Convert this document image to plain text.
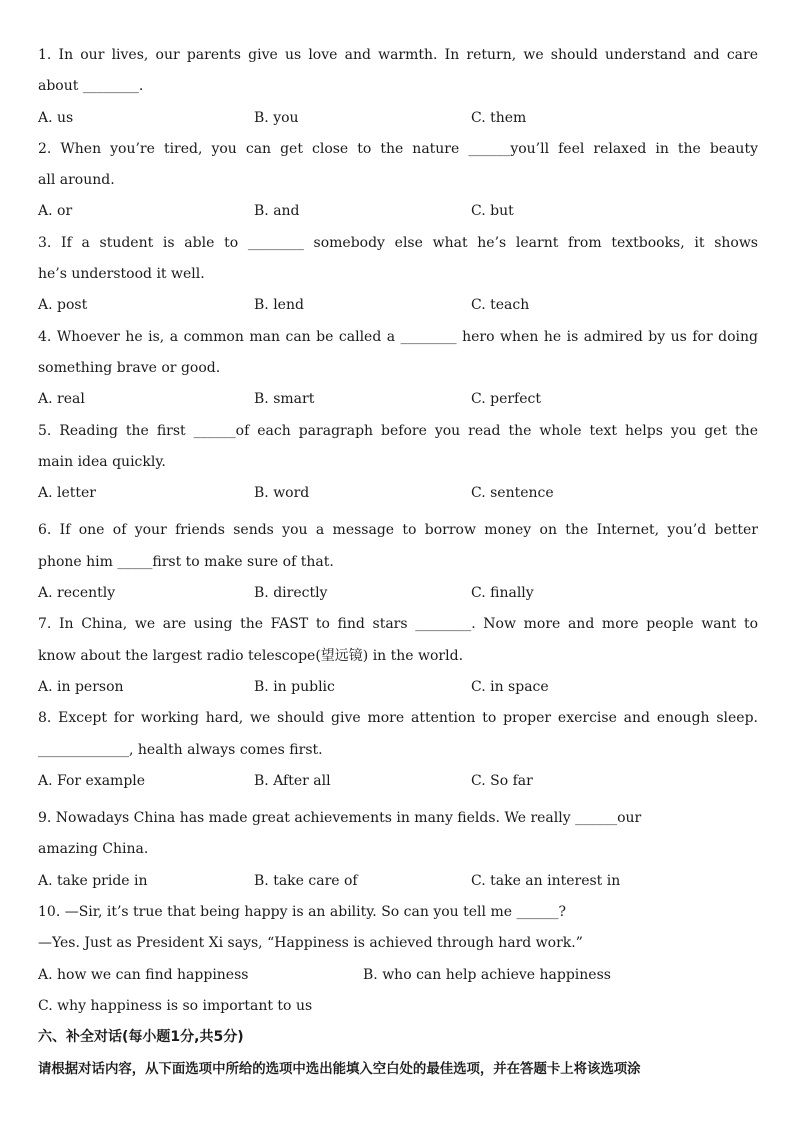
1. In our lives, our parents give us love and warmth. In return, we should understand and care
about ________.
A. us	B. you	C. them
2. When you’re tired, you can get close to the nature ______you’ll feel relaxed in the beauty
all around.
A. or	B. and	C. but
3. If a student is able to ________ somebody else what he’s learnt from textbooks, it shows
he’s understood it well.
A. post	B. lend	C. teach
4. Whoever he is, a common man can be called a ________ hero when he is admired by us for doing
something brave or good.
A. real	B. smart	C. perfect
5. Reading the first ______of each paragraph before you read the whole text helps you get the
main idea quickly.
A. letter	B. word	C. sentence
6. If one of your friends sends you a message to borrow money on the Internet, you’d better
phone him _____first to make sure of that.
A. recently	B. directly	C. finally
7. In China, we are using the FAST to find stars ________. Now more and more people want to
know about the largest radio telescope(望远镜) in the world.
A. in person	B. in public	C. in space
8. Except for working hard, we should give more attention to proper exercise and enough sleep.
_____________, health always comes first.
A. For example	B. After all	C. So far
9. Nowadays China has made great achievements in many fields. We really ______our
amazing China.
A. take pride in	B. take care of	C. take an interest in
10. —Sir, it’s true that being happy is an ability. So can you tell me ______?
—Yes. Just as President Xi says, “Happiness is achieved through hard work.”
A. how we can find happiness	B. who can help achieve happiness
C. why happiness is so important to us
六、补全对话(每小题1分,共5分)
请根据对话内容，从下面选项中所给的选项中选出能填入空白处的最佳选项，并在答题卡上将该选项涂
